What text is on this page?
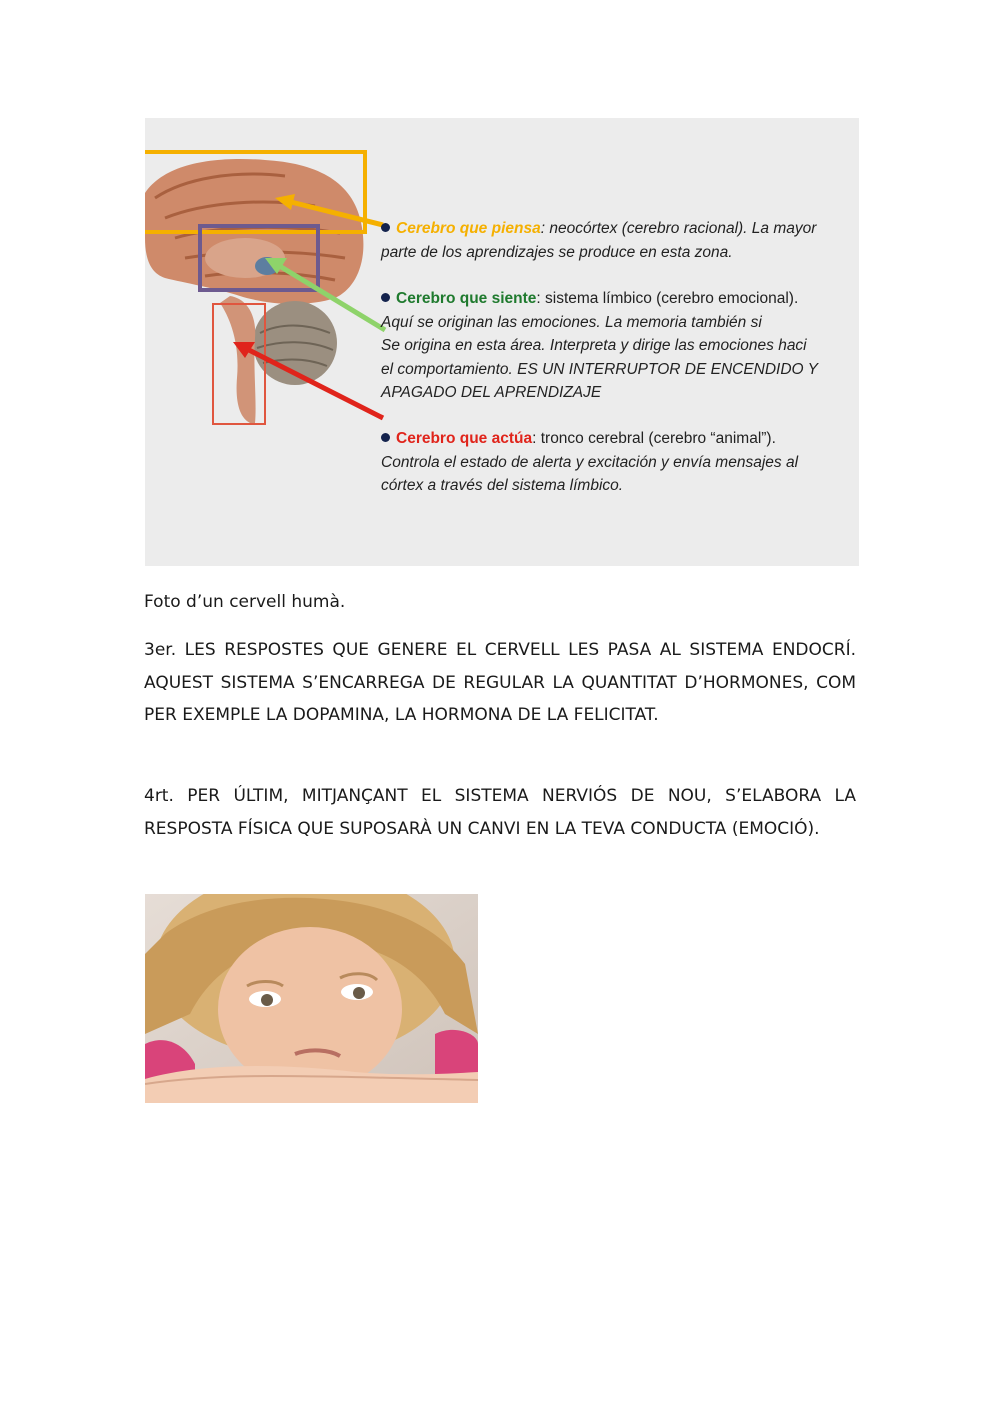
Cerebro que piensa: neocórtex (cerebro racional). La mayor
parte de los aprendizajes se produce en esta zona.
Cerebro que siente: sistema límbico (cerebro emocional).
Aquí se originan las emociones. La memoria también si
Se origina en esta área. Interpreta y dirige las emociones haci
el comportamiento. ES UN INTERRUPTOR DE ENCENDIDO Y
APAGADO DEL APRENDIZAJE
Cerebro que actúa: tronco cerebral (cerebro “animal”).
Controla el estado de alerta y excitación y envía mensajes al
córtex a través del sistema límbico.

Foto d’un cervell humà.

3er. LES RESPOSTES QUE GENERE EL CERVELL LES PASA AL SISTEMA ENDOCRÍ. AQUEST SISTEMA S’ENCARREGA DE REGULAR LA QUANTITAT D’HORMONES, COM PER EXEMPLE LA DOPAMINA, LA HORMONA DE LA FELICITAT.

4rt. PER ÚLTIM, MITJANÇANT EL SISTEMA NERVIÓS DE NOU, S’ELABORA LA RESPOSTA FÍSICA QUE SUPOSARÀ UN CANVI EN LA TEVA CONDUCTA (EMOCIÓ).
